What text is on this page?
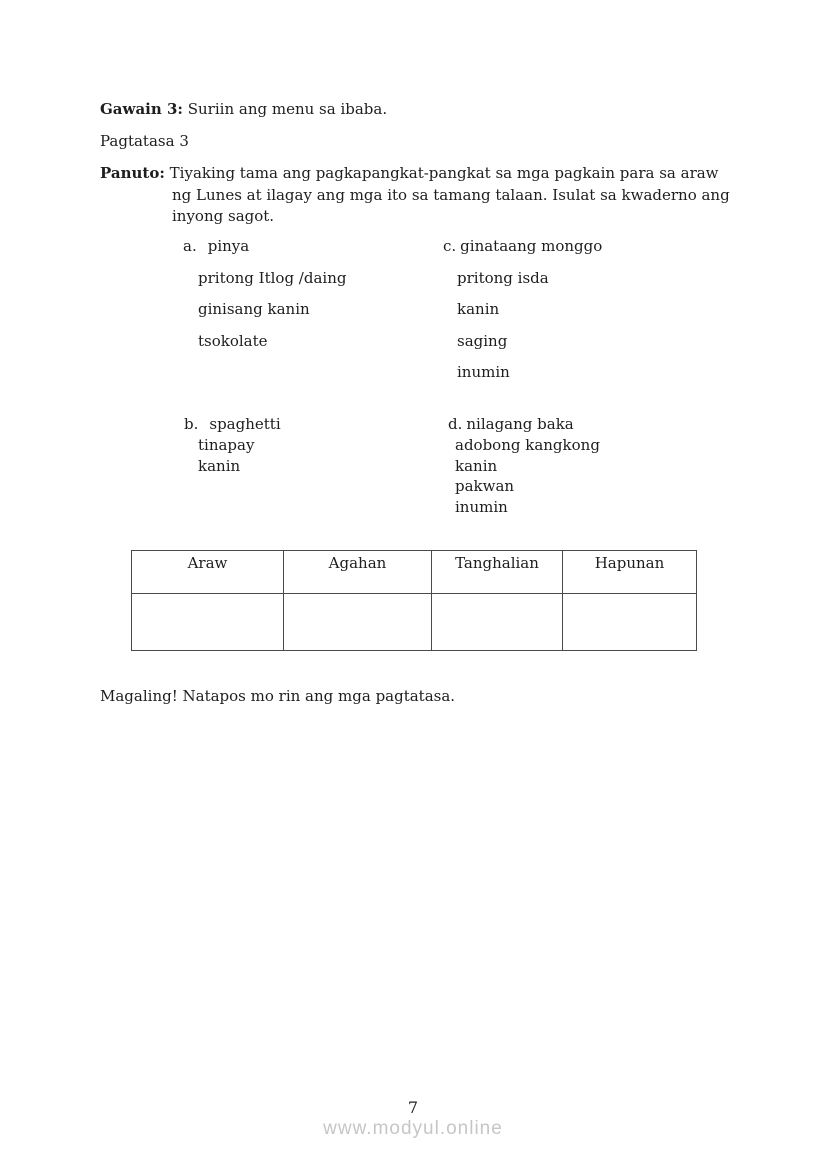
Gawain 3: Suriin ang menu sa ibaba.
Pagtatasa 3
Panuto: Tiyaking tama ang pagkapangkat-pangkat sa mga pagkain para sa araw
ng Lunes at ilagay ang mga ito sa tamang talaan. Isulat sa kwaderno ang
inyong sagot.
a. pinya
pritong Itlog /daing
ginisang kanin
tsokolate
c. ginataang monggo
pritong isda
kanin
saging
inumin
b. spaghetti
tinapay
kanin
d. nilagang baka
adobong kangkong
kanin
pakwan
inumin
Araw	Agahan	Tanghalian	Hapunan

Magaling! Natapos mo rin ang mga pagtatasa.
7
www.modyul.online
